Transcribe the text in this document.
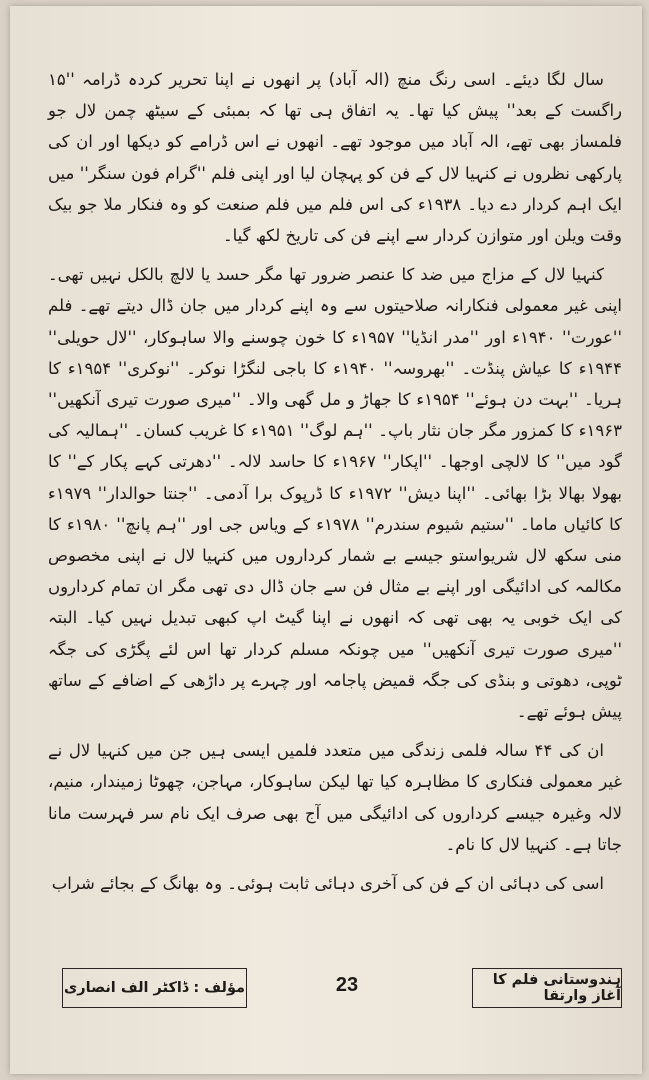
سال لگا دیئے۔ اسی رنگ منچ (الہ آباد) پر انھوں نے اپنا تحریر کردہ ڈرامہ ''۱۵ راگست کے بعد'' پیش کیا تھا۔ یہ اتفاق ہی تھا کہ بمبئی کے سیٹھ چمن لال جو فلمساز بھی تھے، الہ آباد میں موجود تھے۔ انھوں نے اس ڈرامے کو دیکھا اور ان کی پارکھی نظروں نے کنہیا لال کے فن کو پہچان لیا اور اپنی فلم ''گرام فون سنگر'' میں ایک اہم کردار دے دیا۔ ۱۹۳۸ء کی اس فلم میں فلم صنعت کو وہ فنکار ملا جو بیک وقت ویلن اور متوازن کردار سے اپنے فن کی تاریخ لکھ گیا۔

کنہیا لال کے مزاج میں ضد کا عنصر ضرور تھا مگر حسد یا لالچ بالکل نہیں تھی۔ اپنی غیر معمولی فنکارانہ صلاحیتوں سے وہ اپنے کردار میں جان ڈال دیتے تھے۔ فلم ''عورت'' ۱۹۴۰ء اور ''مدر انڈیا'' ۱۹۵۷ء کا خون چوسنے والا ساہوکار، ''لال حویلی'' ۱۹۴۴ء کا عیاش پنڈت۔ ''بھروسہ'' ۱۹۴۰ء کا باجی لنگڑا نوکر۔ ''نوکری'' ۱۹۵۴ء کا ہریا۔ ''بہت دن ہوئے'' ۱۹۵۴ء کا جھاڑ و مل گھی والا۔ ''میری صورت تیری آنکھیں'' ۱۹۶۳ء کا کمزور مگر جان نثار باپ۔ ''ہم لوگ'' ۱۹۵۱ء کا غریب کسان۔ ''ہمالیہ کی گود میں'' کا لالچی اوجھا۔ ''اپکار'' ۱۹۶۷ء کا حاسد لالہ۔ ''دھرتی کہے پکار کے'' کا بھولا بھالا بڑا بھائی۔ ''اپنا دیش'' ۱۹۷۲ء کا ڈرپوک برا آدمی۔ ''جنتا حوالدار'' ۱۹۷۹ء کا کائیاں ماما۔ ''ستیم شیوم سندرم'' ۱۹۷۸ء کے ویاس جی اور ''ہم پانچ'' ۱۹۸۰ء کا منی سکھ لال شریواستو جیسے بے شمار کرداروں میں کنہیا لال نے اپنی مخصوص مکالمہ کی ادائیگی اور اپنے بے مثال فن سے جان ڈال دی تھی مگر ان تمام کرداروں کی ایک خوبی یہ بھی تھی کہ انھوں نے اپنا گیٹ اپ کبھی تبدیل نہیں کیا۔ البتہ ''میری صورت تیری آنکھیں'' میں چونکہ مسلم کردار تھا اس لئے پگڑی کی جگہ ٹوپی، دھوتی و بنڈی کی جگہ قمیض پاجامہ اور چہرے پر داڑھی کے اضافے کے ساتھ پیش ہوئے تھے۔

ان کی ۴۴ سالہ فلمی زندگی میں متعدد فلمیں ایسی ہیں جن میں کنہیا لال نے غیر معمولی فنکاری کا مظاہرہ کیا تھا لیکن ساہوکار، مہاجن، چھوٹا زمیندار، منیم، لالہ وغیرہ جیسے کرداروں کی ادائیگی میں آج بھی صرف ایک نام سر فہرست مانا جاتا ہے۔ کنہیا لال کا نام۔

اسی کی دہائی ان کے فن کی آخری دہائی ثابت ہوئی۔ وہ بھانگ کے بجائے شراب

ہندوستانی فلم کا آغاز وارتقا
23
مؤلف : ڈاکٹر الف انصاری
